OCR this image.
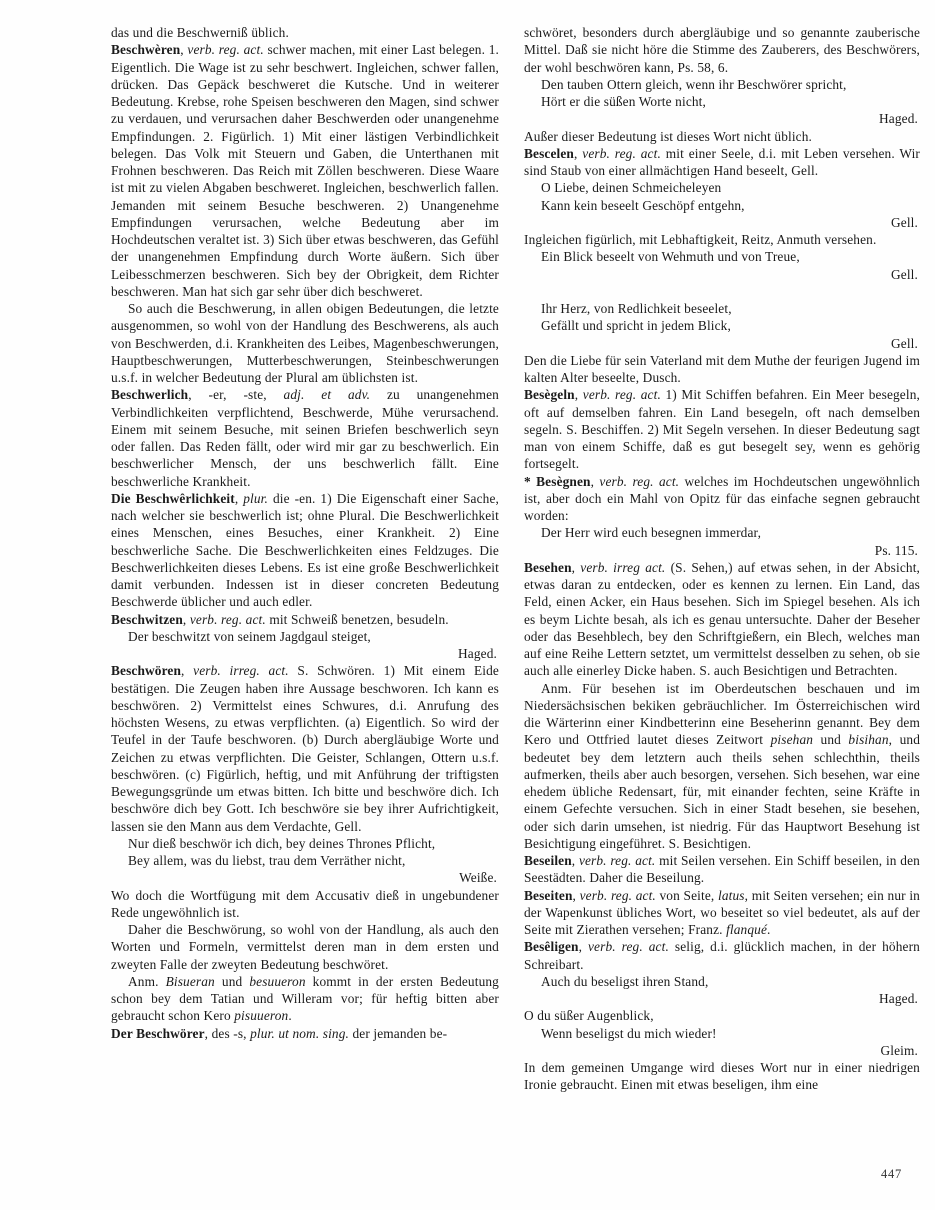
das und die Beschwerniß üblich.

Beschwèren, verb. reg. act. schwer machen, mit einer Last belegen. 1. Eigentlich. Die Wage ist zu sehr beschwert. Ingleichen, schwer fallen, drücken. Das Gepäck beschweret die Kutsche. Und in weiterer Bedeutung. Krebse, rohe Speisen beschweren den Magen, sind schwer zu verdauen, und verursachen daher Beschwerden oder unangenehme Empfindungen. 2. Figürlich. 1) Mit einer lästigen Verbindlichkeit belegen. Das Volk mit Steuern und Gaben, die Unterthanen mit Frohnen beschweren. Das Reich mit Zöllen beschweren. Diese Waare ist mit zu vielen Abgaben beschweret. Ingleichen, beschwerlich fallen. Jemanden mit seinem Besuche beschweren. 2) Unangenehme Empfindungen verursachen, welche Bedeutung aber im Hochdeutschen veraltet ist. 3) Sich über etwas beschweren, das Gefühl der unangenehmen Empfindung durch Worte äußern. Sich über Leibesschmerzen beschweren. Sich bey der Obrigkeit, dem Richter beschweren. Man hat sich gar sehr über dich beschweret.

So auch die Beschwerung, in allen obigen Bedeutungen, die letzte ausgenommen, so wohl von der Handlung des Beschwerens, als auch von Beschwerden, d.i. Krankheiten des Leibes, Magenbeschwerungen, Hauptbeschwerungen, Mutterbeschwerungen, Steinbeschwerungen u.s.f. in welcher Bedeutung der Plural am üblichsten ist.

Beschwerlich, -er, -ste, adj. et adv. zu unangenehmen Verbindlichkeiten verpflichtend, Beschwerde, Mühe verursachend. Einem mit seinem Besuche, mit seinen Briefen beschwerlich seyn oder fallen. Das Reden fällt, oder wird mir gar zu beschwerlich. Ein beschwerlicher Mensch, der uns beschwerlich fällt. Eine beschwerliche Krankheit.

Die Beschwêrlichkeit, plur. die -en. 1) Die Eigenschaft einer Sache, nach welcher sie beschwerlich ist; ohne Plural. Die Beschwerlichkeit eines Menschen, eines Besuches, einer Krankheit. 2) Eine beschwerliche Sache. Die Beschwerlichkeiten eines Feldzuges. Die Beschwerlichkeiten dieses Lebens. Es ist eine große Beschwerlichkeit damit verbunden. Indessen ist in dieser concreten Bedeutung Beschwerde üblicher und auch edler.

Beschwitzen, verb. reg. act. mit Schweiß benetzen, besudeln.

Der beschwitzt von seinem Jagdgaul steiget,

Haged.

Beschwören, verb. irreg. act. S. Schwören. 1) Mit einem Eide bestätigen. Die Zeugen haben ihre Aussage beschworen. Ich kann es beschwören. 2) Vermittelst eines Schwures, d.i. Anrufung des höchsten Wesens, zu etwas verpflichten. (a) Eigentlich. So wird der Teufel in der Taufe beschworen. (b) Durch abergläubige Worte und Zeichen zu etwas verpflichten. Die Geister, Schlangen, Ottern u.s.f. beschwören. (c) Figürlich, heftig, und mit Anführung der triftigsten Bewegungsgründe um etwas bitten. Ich bitte und beschwöre dich. Ich beschwöre dich bey Gott. Ich beschwöre sie bey ihrer Aufrichtigkeit, lassen sie den Mann aus dem Verdachte, Gell.

Nur dieß beschwör ich dich, bey deines Thrones Pflicht,

Bey allem, was du liebst, trau dem Verräther nicht,

Weiße.

Wo doch die Wortfügung mit dem Accusativ dieß in ungebundener Rede ungewöhnlich ist.

Daher die Beschwörung, so wohl von der Handlung, als auch den Worten und Formeln, vermittelst deren man in dem ersten und zweyten Falle der zweyten Bedeutung beschwöret.

Anm. Bisueran und besuueron kommt in der ersten Bedeutung schon bey dem Tatian und Willeram vor; für heftig bitten aber gebraucht schon Kero pisuueron.

Der Beschwörer, des -s, plur. ut nom. sing. der jemanden be-

schwöret, besonders durch abergläubige und so genannte zauberische Mittel. Daß sie nicht höre die Stimme des Zauberers, des Beschwörers, der wohl beschwören kann, Ps. 58, 6.

Den tauben Ottern gleich, wenn ihr Beschwörer spricht,

Hört er die süßen Worte nicht,

Haged.

Außer dieser Bedeutung ist dieses Wort nicht üblich.

Bescelen, verb. reg. act. mit einer Seele, d.i. mit Leben versehen. Wir sind Staub von einer allmächtigen Hand beseelt, Gell.

O Liebe, deinen Schmeicheleyen

Kann kein beseelt Geschöpf entgehn,

Gell.

Ingleichen figürlich, mit Lebhaftigkeit, Reitz, Anmuth versehen.

Ein Blick beseelt von Wehmuth und von Treue,

Gell.

Ihr Herz, von Redlichkeit beseelet,

Gefällt und spricht in jedem Blick,

Gell.

Den die Liebe für sein Vaterland mit dem Muthe der feurigen Jugend im kalten Alter beseelte, Dusch.

Besègeln, verb. reg. act. 1) Mit Schiffen befahren. Ein Meer besegeln, oft auf demselben fahren. Ein Land besegeln, oft nach demselben segeln. S. Beschiffen. 2) Mit Segeln versehen. In dieser Bedeutung sagt man von einem Schiffe, daß es gut besegelt sey, wenn es gehörig fortsegelt.

* Besègnen, verb. reg. act. welches im Hochdeutschen ungewöhnlich ist, aber doch ein Mahl von Opitz für das einfache segnen gebraucht worden:

Der Herr wird euch besegnen immerdar,

Ps. 115.

Besehen, verb. irreg act. (S. Sehen,) auf etwas sehen, in der Absicht, etwas daran zu entdecken, oder es kennen zu lernen. Ein Land, das Feld, einen Acker, ein Haus besehen. Sich im Spiegel besehen. Als ich es beym Lichte besah, als ich es genau untersuchte. Daher der Beseher oder das Besehblech, bey den Schriftgießern, ein Blech, welches man auf eine Reihe Lettern setztet, um vermittelst desselben zu sehen, ob sie auch alle einerley Dicke haben. S. auch Besichtigen und Betrachten.

Anm. Für besehen ist im Oberdeutschen beschauen und im Niedersächsischen bekiken gebräuchlicher. Im Österreichischen wird die Wärterinn einer Kindbetterinn eine Beseherinn genannt. Bey dem Kero und Ottfried lautet dieses Zeitwort pisehan und bisihan, und bedeutet bey dem letztern auch theils sehen schlechthin, theils aufmerken, theils aber auch besorgen, versehen. Sich besehen, war eine ehedem übliche Redensart, für, mit einander fechten, seine Kräfte in einem Gefechte versuchen. Sich in einer Stadt besehen, sie besehen, oder sich darin umsehen, ist niedrig. Für das Hauptwort Besehung ist Besichtigung eingeführet. S. Besichtigen.

Beseilen, verb. reg. act. mit Seilen versehen. Ein Schiff beseilen, in den Seestädten. Daher die Beseilung.

Beseiten, verb. reg. act. von Seite, latus, mit Seiten versehen; ein nur in der Wapenkunst übliches Wort, wo beseitet so viel bedeutet, als auf der Seite mit Zierathen versehen; Franz. flanqué.

Besêligen, verb. reg. act. selig, d.i. glücklich machen, in der höhern Schreibart.

Auch du beseligst ihren Stand,

Haged.

O du süßer Augenblick,

Wenn beseligst du mich wieder!

Gleim.

In dem gemeinen Umgange wird dieses Wort nur in einer niedrigen Ironie gebraucht. Einen mit etwas beseligen, ihm eine

447
